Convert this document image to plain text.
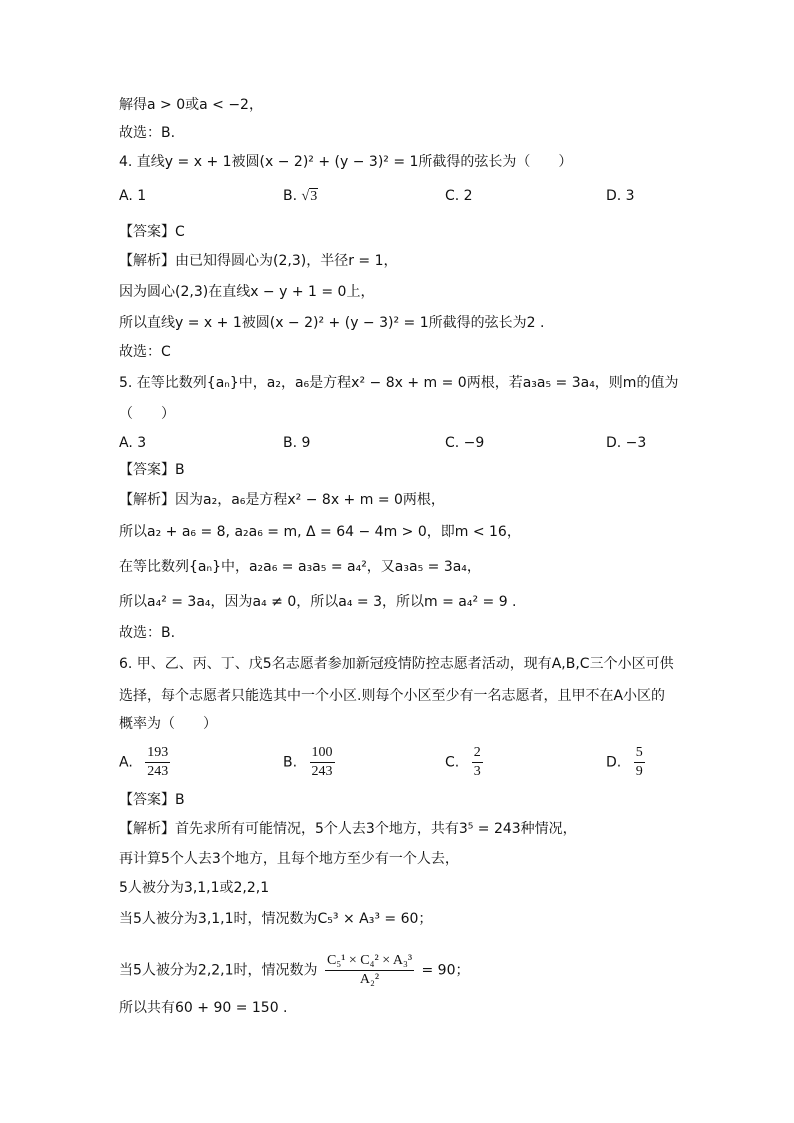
解得a > 0或a < −2，
故选：B.
4. 直线y = x + 1被圆(x − 2)² + (y − 3)² = 1所截得的弦长为（　　）
A. 1	B. √3	C. 2	D. 3
【答案】C
【解析】由已知得圆心为(2,3)，半径r = 1，
因为圆心(2,3)在直线x − y + 1 = 0上，
所以直线y = x + 1被圆(x − 2)² + (y − 3)² = 1所截得的弦长为2 .
故选：C
5. 在等比数列{aₙ}中，a₂，a₆是方程x² − 8x + m = 0两根，若a₃a₅ = 3a₄，则m的值为
（　　）
A. 3	B. 9	C. −9	D. −3
【答案】B
【解析】因为a₂，a₆是方程x² − 8x + m = 0两根，
所以a₂ + a₆ = 8, a₂a₆ = m, Δ = 64 − 4m > 0，即m < 16，
在等比数列{aₙ}中，a₂a₆ = a₃a₅ = a₄²，又a₃a₅ = 3a₄，
所以a₄² = 3a₄，因为a₄ ≠ 0，所以a₄ = 3，所以m = a₄² = 9 .
故选：B.
6. 甲、乙、丙、丁、戊5名志愿者参加新冠疫情防控志愿者活动，现有A,B,C三个小区可供
选择，每个志愿者只能选其中一个小区.则每个小区至少有一名志愿者，且甲不在A小区的
概率为（　　）
A. $\frac{193}{243}$	B. $\frac{100}{243}$	C. $\frac{2}{3}$	D. $\frac{5}{9}$
【答案】B
【解析】首先求所有可能情况，5个人去3个地方，共有3⁵ = 243种情况，
再计算5个人去3个地方，且每个地方至少有一个人去，
5人被分为3,1,1或2,2,1
当5人被分为3,1,1时，情况数为C₅³ × A₃³ = 60；
当5人被分为2,2,1时，情况数为 $\frac{\text{C₅¹ × C₄² × A₃³}}{\text{A₂²}} = 90$；
所以共有60 + 90 = 150 .
